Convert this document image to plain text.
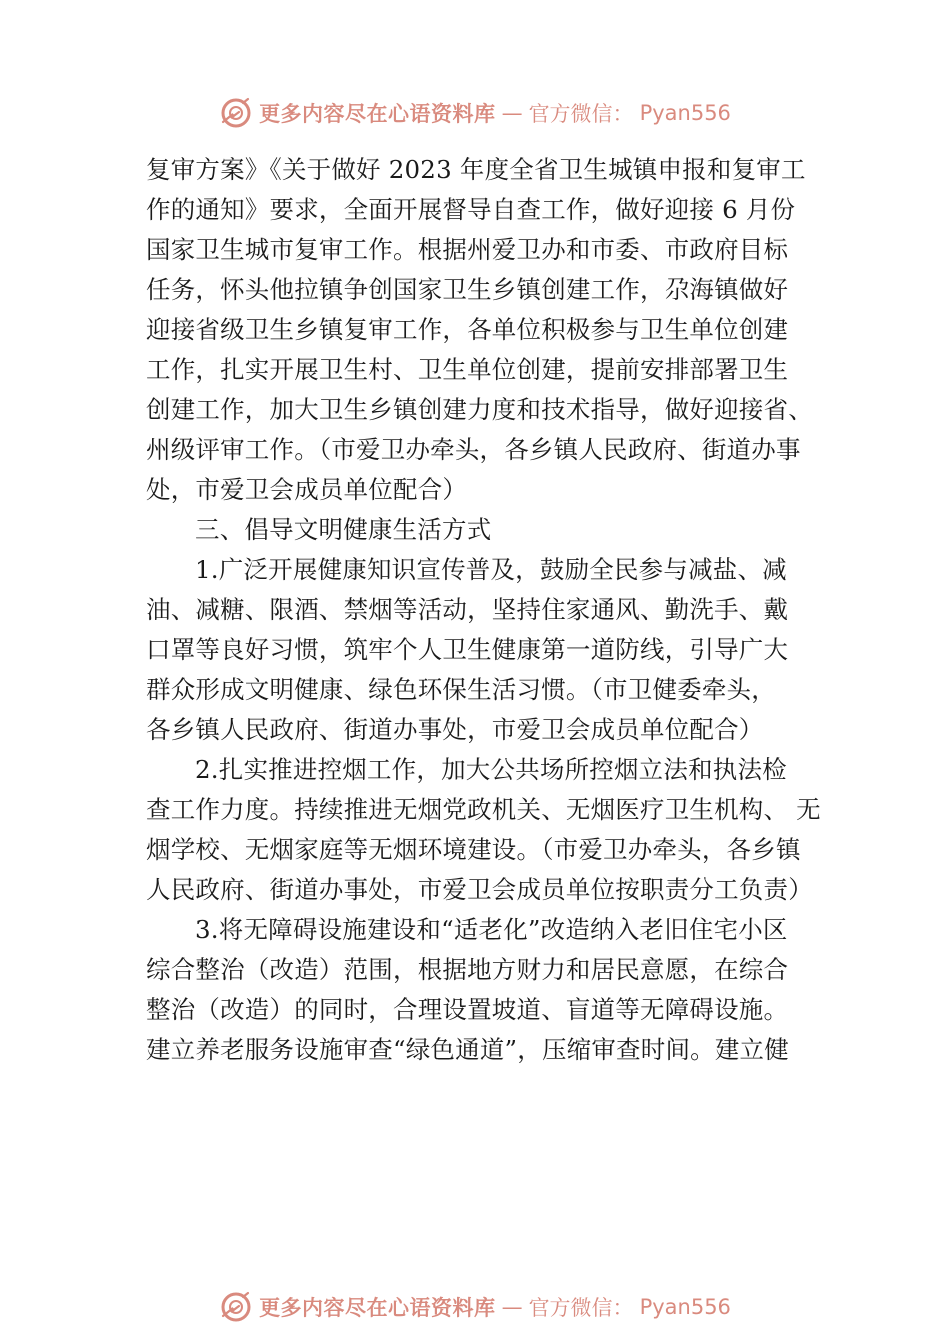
更多内容尽在心语资料库 — 官方微信： Pyan556
复审方案》《关于做好 2023 年度全省卫生城镇申报和复审工
作的通知》要求，全面开展督导自查工作，做好迎接 6 月份
国家卫生城市复审工作。根据州爱卫办和市委、市政府目标
任务，怀头他拉镇争创国家卫生乡镇创建工作，尕海镇做好
迎接省级卫生乡镇复审工作，各单位积极参与卫生单位创建
工作，扎实开展卫生村、卫生单位创建，提前安排部署卫生
创建工作，加大卫生乡镇创建力度和技术指导，做好迎接省、
州级评审工作。（市爱卫办牵头，各乡镇人民政府、街道办事
处，市爱卫会成员单位配合）
三、倡导文明健康生活方式
1.广泛开展健康知识宣传普及，鼓励全民参与减盐、减
油、减糖、限酒、禁烟等活动，坚持住家通风、勤洗手、戴
口罩等良好习惯，筑牢个人卫生健康第一道防线，引导广大
群众形成文明健康、绿色环保生活习惯。（市卫健委牵头，
各乡镇人民政府、街道办事处，市爱卫会成员单位配合）
2.扎实推进控烟工作，加大公共场所控烟立法和执法检
查工作力度。持续推进无烟党政机关、无烟医疗卫生机构、 无
烟学校、无烟家庭等无烟环境建设。（市爱卫办牵头，各乡镇
人民政府、街道办事处，市爱卫会成员单位按职责分工负责）
3.将无障碍设施建设和“适老化”改造纳入老旧住宅小区
综合整治（改造）范围，根据地方财力和居民意愿，在综合
整治（改造）的同时，合理设置坡道、盲道等无障碍设施。
建立养老服务设施审查“绿色通道”，压缩审查时间。建立健
更多内容尽在心语资料库 — 官方微信： Pyan556
